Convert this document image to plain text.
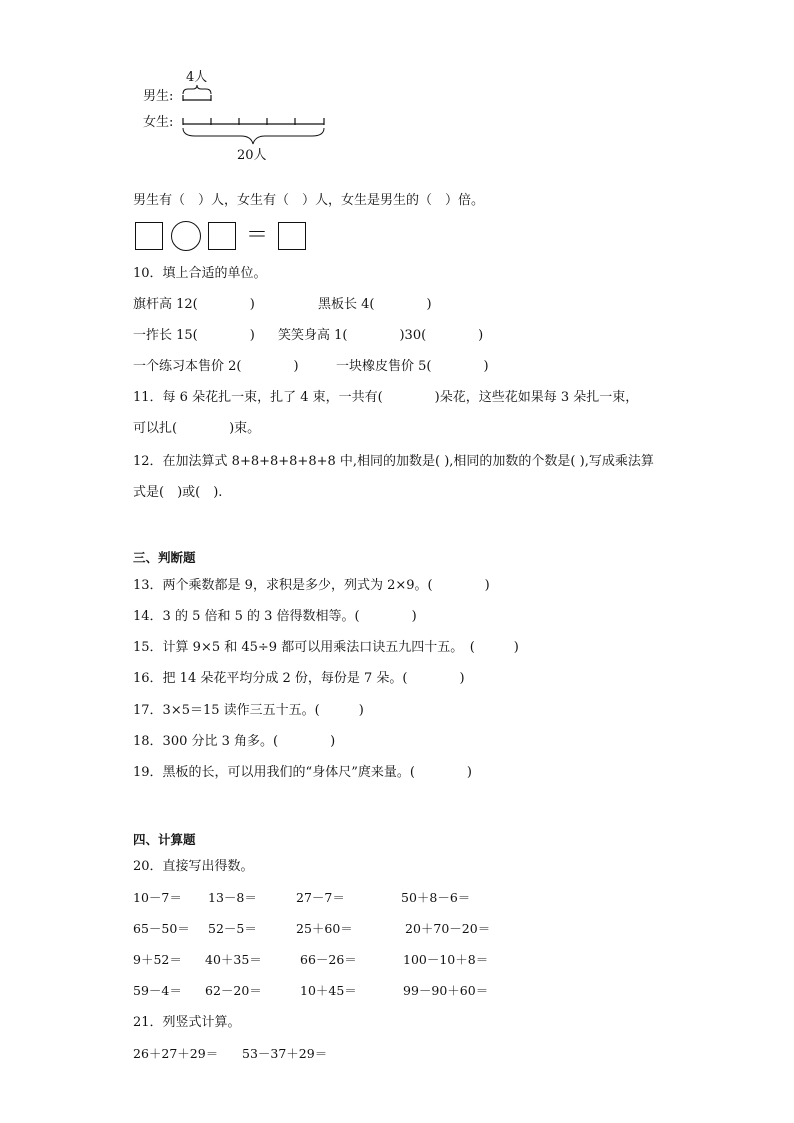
4人
男生:
女生:
20人
男生有（　）人，女生有（　）人，女生是男生的（　）倍。
＝
10．填上合适的单位。
旗杆高 12(　　　　)	黑板长 4(　　　　)
一拃长 15(　　　　) 笑笑身高 1(　　　　)30(　　　　)
一个练习本售价 2(　　　　)	一块橡皮售价 5(　　　　)
11．每 6 朵花扎一束，扎了 4 束，一共有(　　　　)朵花，这些花如果每 3 朵扎一束，
可以扎(　　　　)束。
12．在加法算式 8+8+8+8+8+8 中,相同的加数是( ),相同的加数的个数是( ),写成乘法算
式是(　)或(　).
三、判断题
13．两个乘数都是 9，求积是多少，列式为 2×9。(　　　　)
14．3 的 5 倍和 5 的 3 倍得数相等。(　　　　)
15．计算 9×5 和 45÷9 都可以用乘法口诀五九四十五。　(　　　)
16．把 14 朵花平均分成 2 份，每份是 7 朵。(　　　　)
17．3×5＝15 读作三五十五。(　　　)
18．300 分比 3 角多。(　　　　)
19．黑板的长，可以用我们的“身体尺”庹来量。(　　　　)
四、计算题
20．直接写出得数。
10－7＝ 13－8＝	27－7＝	50＋8－6＝
65－50＝ 52－5＝	25＋60＝	20＋70－20＝
9＋52＝ 40＋35＝	66－26＝	100－10＋8＝
59－4＝ 62－20＝	10＋45＝	99－90＋60＝
21．列竖式计算。
26＋27＋29＝ 53－37＋29＝
